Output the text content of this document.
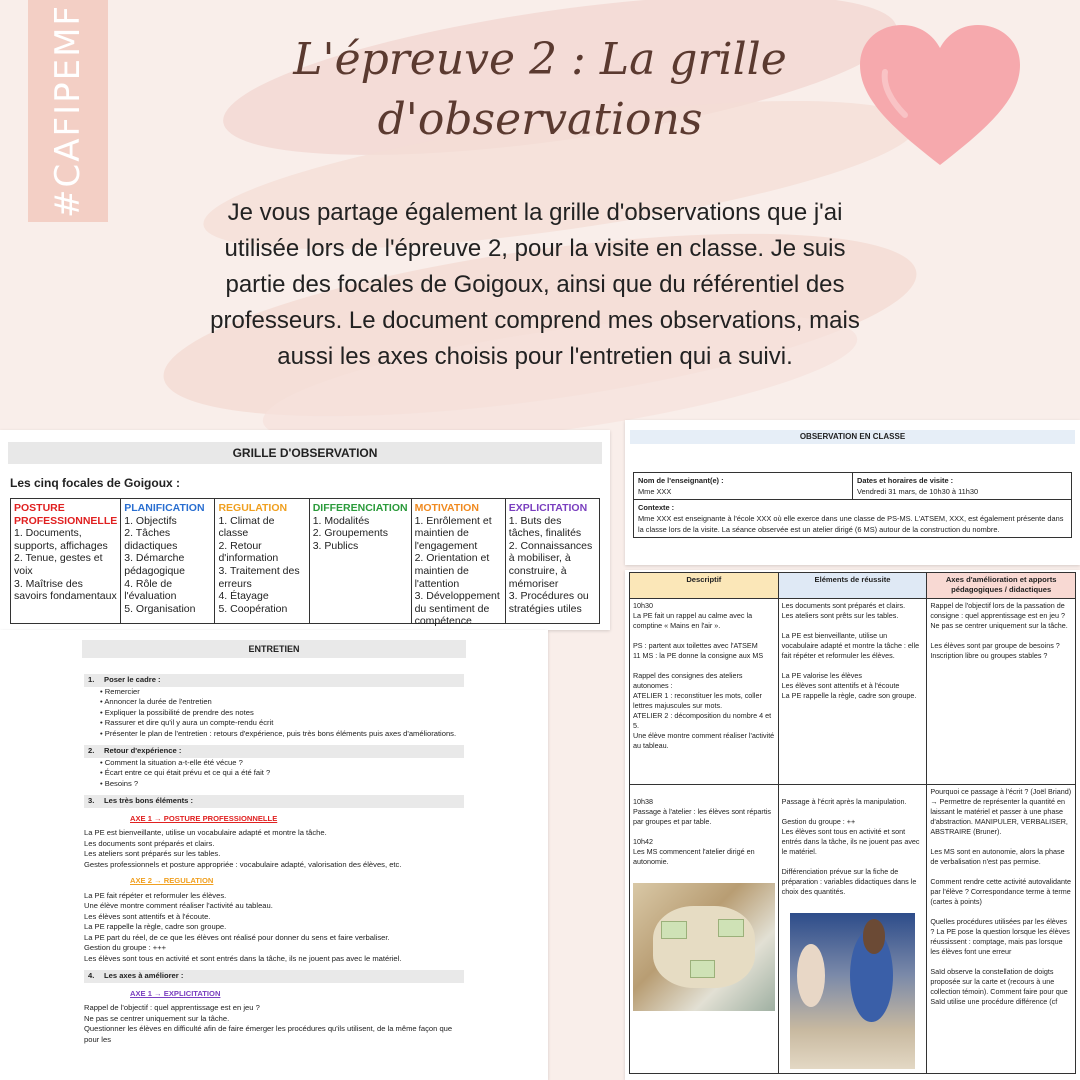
#CAFIPEMF	L'épreuve 2 : La grille
d'observations
Je vous partage également la grille d'observations que j'ai utilisée lors de l'épreuve 2, pour la visite en classe. Je suis partie des focales de Goigoux, ainsi que du référentiel des professeurs. Le document comprend mes observations, mais aussi les axes choisis pour l'entretien qui a suivi.
GRILLE D'OBSERVATION
Les cinq focales de Goigoux :
POSTURE PROFESSIONNELLE
1. Documents, supports, affichages
2. Tenue, gestes et voix
3. Maîtrise des savoirs fondamentaux
PLANIFICATION
1. Objectifs
2. Tâches didactiques
3. Démarche pédagogique
4. Rôle de l'évaluation
5. Organisation
REGULATION
1. Climat de classe
2. Retour d'information
3. Traitement des erreurs
4. Étayage
5. Coopération
DIFFERENCIATION
1. Modalités
2. Groupements
3. Publics
MOTIVATION
1. Enrôlement et maintien de l'engagement
2. Orientation et maintien de l'attention
3. Développement du sentiment de compétence
EXPLICITATION
1. Buts des tâches, finalités
2. Connaissances à mobiliser, à construire, à mémoriser
3. Procédures ou stratégies utiles
ENTRETIEN
1. Poser le cadre :
• Remercier
• Annoncer la durée de l'entretien
• Expliquer la possibilité de prendre des notes
• Rassurer et dire qu'il y aura un compte-rendu écrit
• Présenter le plan de l'entretien : retours d'expérience, puis très bons éléments puis axes d'améliorations.
2. Retour d'expérience :
• Comment la situation a-t-elle été vécue ?
• Écart entre ce qui était prévu et ce qui a été fait ?
• Besoins ?
3. Les très bons éléments :
AXE 1 → POSTURE PROFESSIONNELLE
La PE est bienveillante, utilise un vocabulaire adapté et montre la tâche.
Les documents sont préparés et clairs.
Les ateliers sont préparés sur les tables.
Gestes professionnels et posture appropriée : vocabulaire adapté, valorisation des élèves, etc.
AXE 2 → REGULATION
La PE fait répéter et reformuler les élèves.
Une élève montre comment réaliser l'activité au tableau.
Les élèves sont attentifs et à l'écoute.
La PE rappelle la règle, cadre son groupe.
La PE part du réel, de ce que les élèves ont réalisé pour donner du sens et faire verbaliser.
Gestion du groupe : +++
Les élèves sont tous en activité et sont entrés dans la tâche, ils ne jouent pas avec le matériel.
4. Les axes à améliorer :
AXE 1 → EXPLICITATION
Rappel de l'objectif : quel apprentissage est en jeu ?
Ne pas se centrer uniquement sur la tâche.
Questionner les élèves en difficulté afin de faire émerger les procédures qu'ils utilisent, de la même façon que pour les
OBSERVATION EN CLASSE
Nom de l'enseignant(e) :
Mme XXX
Dates et horaires de visite :
Vendredi 31 mars, de 10h30 à 11h30
Contexte :
Mme XXX est enseignante à l'école XXX où elle exerce dans une classe de PS-MS. L'ATSEM, XXX, est également présente dans la classe lors de la visite. La séance observée est un atelier dirigé (6 MS) autour de la construction du nombre.
Descriptif
10h30
La PE fait un rappel au calme avec la comptine « Mains en l'air ».

PS : partent aux toilettes avec l'ATSEM
11 MS : la PE donne la consigne aux MS

Rappel des consignes des ateliers autonomes :
ATELIER 1 : reconstituer les mots, coller lettres majuscules sur mots.
ATELIER 2 : décomposition du nombre 4 et 5.
Une élève montre comment réaliser l'activité au tableau.

10h38
Passage à l'atelier : les élèves sont répartis par groupes et par table.

10h42
Les MS commencent l'atelier dirigé en autonomie.

Eléments de réussite
Les documents sont préparés et clairs.
Les ateliers sont prêts sur les tables.

La PE est bienveillante, utilise un vocabulaire adapté et montre la tâche : elle fait répéter et reformuler les élèves.

La PE valorise les élèves
Les élèves sont attentifs et à l'écoute
La PE rappelle la règle, cadre son groupe.

Passage à l'écrit après la manipulation.

Gestion du groupe : ++
Les élèves sont tous en activité et sont entrés dans la tâche, ils ne jouent pas avec le matériel.

Différenciation prévue sur la fiche de préparation : variables didactiques dans le choix des quantités.

Axes d'amélioration et apports pédagogiques / didactiques
Rappel de l'objectif lors de la passation de consigne : quel apprentissage est en jeu ?
Ne pas se centrer uniquement sur la tâche.

Les élèves sont par groupe de besoins ? Inscription libre ou groupes stables ?
Pourquoi ce passage à l'écrit ? (Joël Briand) → Permettre de représenter la quantité en laissant le matériel et passer à une phase d'abstraction. MANIPULER, VERBALISER, ABSTRAIRE (Bruner).

Les MS sont en autonomie, alors la phase de verbalisation n'est pas permise.

Comment rendre cette activité autovalidante par l'élève ? Correspondance terme à terme (cartes à points)

Quelles procédures utilisées par les élèves ? La PE pose la question lorsque les élèves réussissent : comptage, mais pas lorsque les élèves font une erreur

Saïd observe la constellation de doigts proposée sur la carte et (recours à une collection témoin). Comment faire pour que Saïd utilise une procédure différence (cf
